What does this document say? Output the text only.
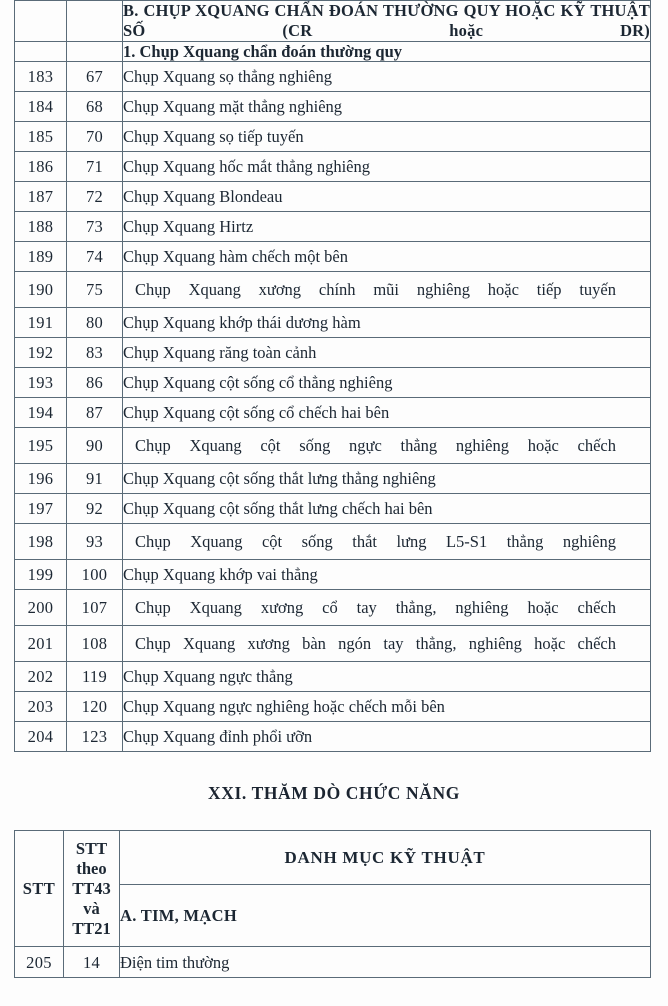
		B. CHỤP XQUANG CHẨN ĐOÁN THƯỜNG QUY HOẶC KỸ THUẬT SỐ (CR hoặc DR)
		1. Chụp Xquang chẩn đoán thường quy
183	67	Chụp Xquang sọ thẳng nghiêng
184	68	Chụp Xquang mặt thẳng nghiêng
185	70	Chụp Xquang sọ tiếp tuyến
186	71	Chụp Xquang hốc mắt thẳng nghiêng
187	72	Chụp Xquang Blondeau
188	73	Chụp Xquang Hirtz
189	74	Chụp Xquang hàm chếch một bên
190	75	Chụp Xquang xương chính mũi nghiêng hoặc tiếp tuyến
191	80	Chụp Xquang khớp thái dương hàm
192	83	Chụp Xquang răng toàn cảnh
193	86	Chụp Xquang cột sống cổ thẳng nghiêng
194	87	Chụp Xquang cột sống cổ chếch hai bên
195	90	Chụp Xquang cột sống ngực thẳng nghiêng hoặc chếch
196	91	Chụp Xquang cột sống thắt lưng thẳng nghiêng
197	92	Chụp Xquang cột sống thắt lưng chếch hai bên
198	93	Chụp Xquang cột sống thắt lưng L5-S1 thẳng nghiêng
199	100	Chụp Xquang khớp vai thẳng
200	107	Chụp Xquang xương cổ tay thẳng, nghiêng hoặc chếch
201	108	Chụp Xquang xương bàn ngón tay thẳng, nghiêng hoặc chếch
202	119	Chụp Xquang ngực thẳng
203	120	Chụp Xquang ngực nghiêng hoặc chếch mỗi bên
204	123	Chụp Xquang đỉnh phổi ưỡn
XXI. THĂM DÒ CHỨC NĂNG
STT	STT theo TT43 và TT21	DANH MỤC KỸ THUẬT
		A. TIM, MẠCH
205	14	Điện tim thường
